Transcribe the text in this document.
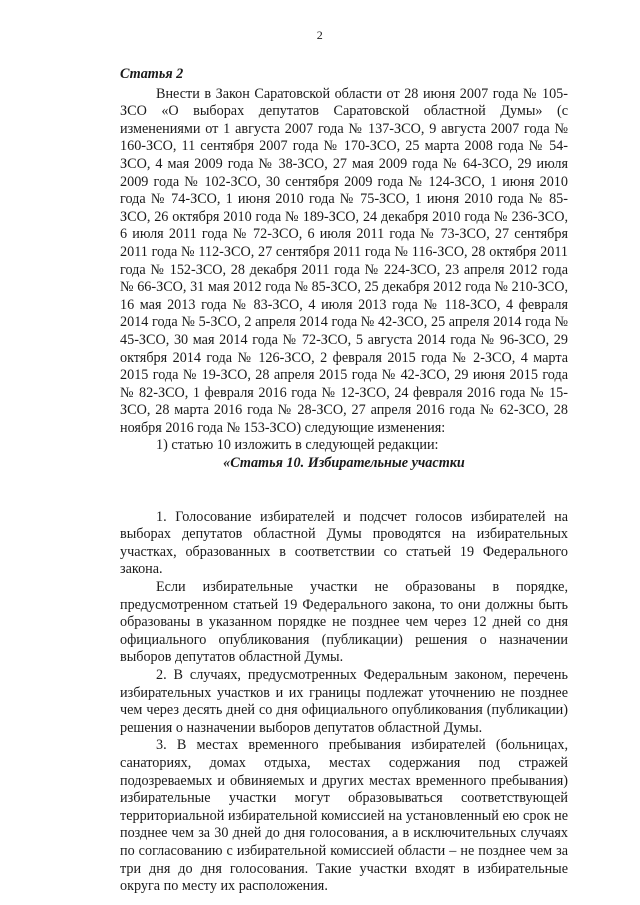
2

Статья 2

Внести в Закон Саратовской области от 28 июня 2007 года № 105-ЗСО «О выборах депутатов Саратовской областной Думы» (с изменениями от 1 августа 2007 года № 137-ЗСО, 9 августа 2007 года № 160-ЗСО, 11 сентября 2007 года № 170-ЗСО, 25 марта 2008 года № 54-ЗСО, 4 мая 2009 года № 38-ЗСО, 27 мая 2009 года № 64-ЗСО, 29 июля 2009 года № 102-ЗСО, 30 сентября 2009 года № 124-ЗСО, 1 июня 2010 года № 74-ЗСО, 1 июня 2010 года № 75-ЗСО, 1 июня 2010 года № 85-ЗСО, 26 октября 2010 года № 189-ЗСО, 24 декабря 2010 года № 236-ЗСО, 6 июля 2011 года № 72-ЗСО, 6 июля 2011 года № 73-ЗСО, 27 сентября 2011 года № 112-ЗСО, 27 сентября 2011 года № 116-ЗСО, 28 октября 2011 года № 152-ЗСО, 28 декабря 2011 года № 224-ЗСО, 23 апреля 2012 года № 66-ЗСО, 31 мая 2012 года № 85-ЗСО, 25 декабря 2012 года № 210-ЗСО, 16 мая 2013 года № 83-ЗСО, 4 июля 2013 года № 118-ЗСО, 4 февраля 2014 года № 5-ЗСО, 2 апреля 2014 года № 42-ЗСО, 25 апреля 2014 года № 45-ЗСО, 30 мая 2014 года № 72-ЗСО, 5 августа 2014 года № 96-ЗСО, 29 октября 2014 года № 126-ЗСО, 2 февраля 2015 года № 2-ЗСО, 4 марта 2015 года № 19-ЗСО, 28 апреля 2015 года № 42-ЗСО, 29 июня 2015 года № 82-ЗСО, 1 февраля 2016 года № 12-ЗСО, 24 февраля 2016 года № 15-ЗСО, 28 марта 2016 года № 28-ЗСО, 27 апреля 2016 года № 62-ЗСО, 28 ноября 2016 года № 153-ЗСО) следующие изменения:

1) статью 10 изложить в следующей редакции:

«Статья 10. Избирательные участки

1. Голосование избирателей и подсчет голосов избирателей на выборах депутатов областной Думы проводятся на избирательных участках, образованных в соответствии со статьей 19 Федерального закона.

Если избирательные участки не образованы в порядке, предусмотренном статьей 19 Федерального закона, то они должны быть образованы в указанном порядке не позднее чем через 12 дней со дня официального опубликования (публикации) решения о назначении выборов депутатов областной Думы.

2. В случаях, предусмотренных Федеральным законом, перечень избирательных участков и их границы подлежат уточнению не позднее чем через десять дней со дня официального опубликования (публикации) решения о назначении выборов депутатов областной Думы.

3. В местах временного пребывания избирателей (больницах, санаториях, домах отдыха, местах содержания под стражей подозреваемых и обвиняемых и других местах временного пребывания) избирательные участки могут образовываться соответствующей территориальной избирательной комиссией на установленный ею срок не позднее чем за 30 дней до дня голосования, а в исключительных случаях по согласованию с избирательной комиссией области – не позднее чем за три дня до дня голосования. Такие участки входят в избирательные округа по месту их расположения.
